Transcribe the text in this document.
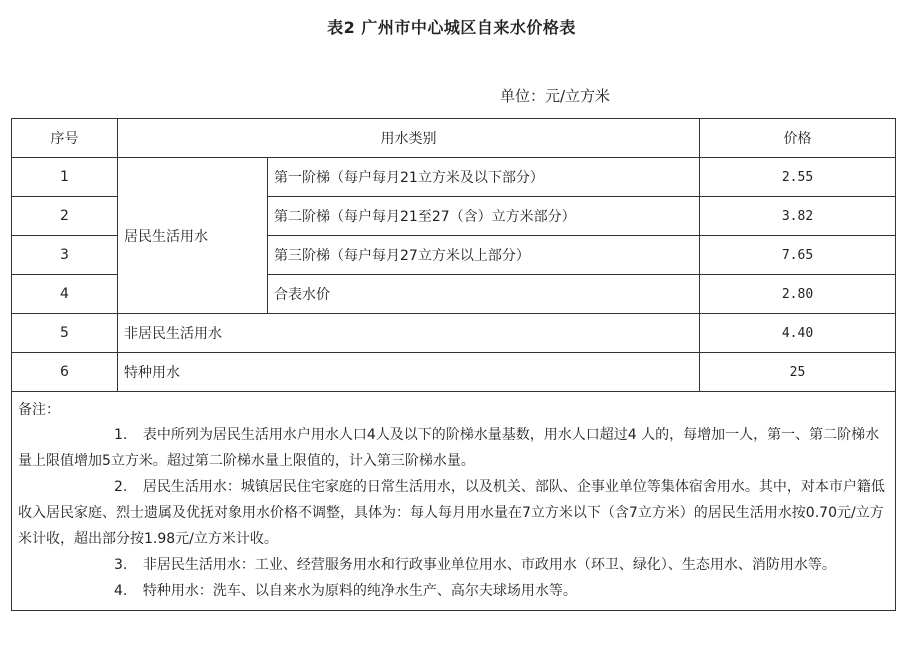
表2 广州市中心城区自来水价格表
单位：元/立方米
序号	用水类别		价格
1	居民生活用水	第一阶梯（每户每月21立方米及以下部分）	2.55
2		第二阶梯（每户每月21至27（含）立方米部分）	3.82
3		第三阶梯（每户每月27立方米以上部分）	7.65
4		合表水价	2.80
5	非居民生活用水		4.40
6	特种用水		25

备注：

1. 表中所列为居民生活用水户用水人口4人及以下的阶梯水量基数，用水人口超过4 人的，每增加一人，第一、第二阶梯水量上限值增加5立方米。超过第二阶梯水量上限值的，计入第三阶梯水量。

2. 居民生活用水：城镇居民住宅家庭的日常生活用水，以及机关、部队、企事业单位等集体宿舍用水。其中，对本市户籍低收入居民家庭、烈士遗属及优抚对象用水价格不调整，具体为：每人每月用水量在7立方米以下（含7立方米）的居民生活用水按0.70元/立方米计收，超出部分按1.98元/立方米计收。

3. 非居民生活用水：工业、经营服务用水和行政事业单位用水、市政用水（环卫、绿化）、生态用水、消防用水等。

4. 特种用水：洗车、以自来水为原料的纯净水生产、高尔夫球场用水等。			
